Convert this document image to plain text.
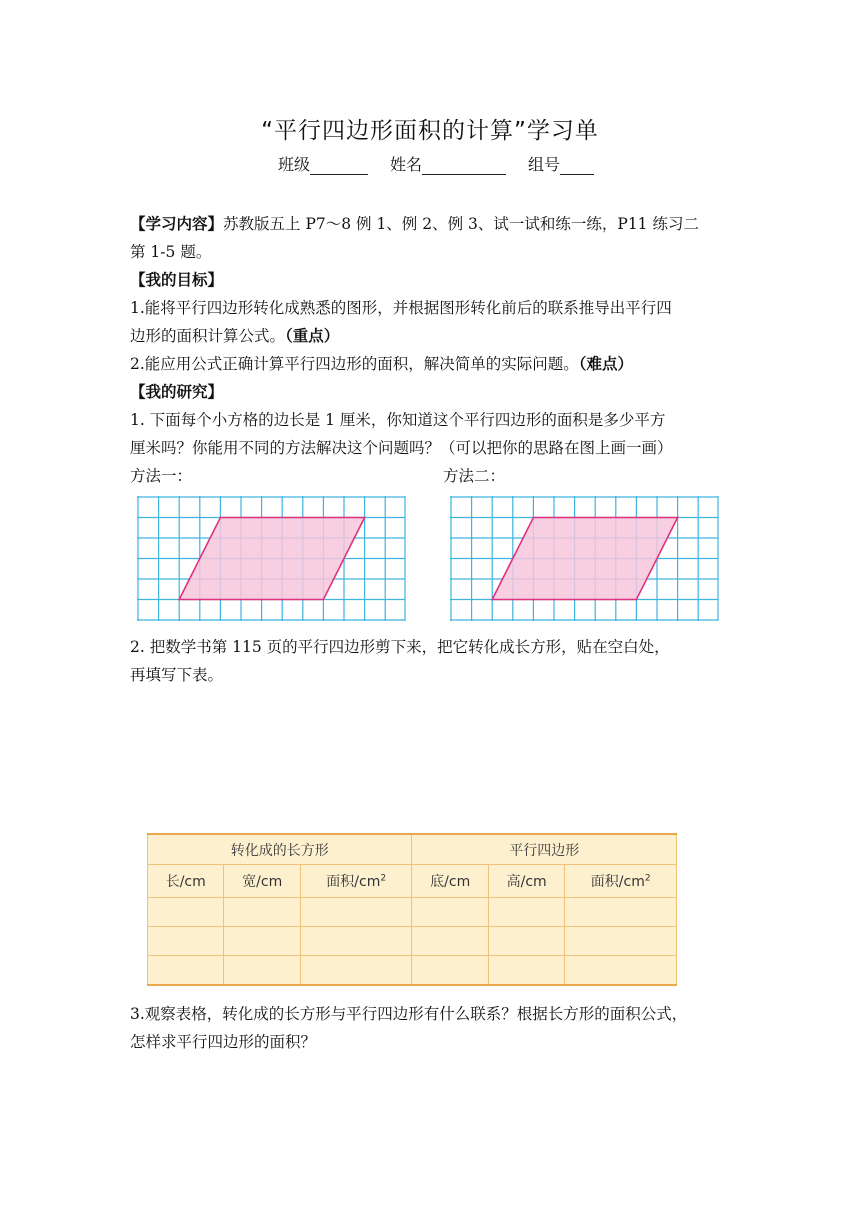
“平行四边形面积的计算”学习单
班级	姓名	组号
【学习内容】苏教版五上 P7～8 例 1、例 2、例 3、试一试和练一练，P11 练习二
第 1-5 题。
【我的目标】
1.能将平行四边形转化成熟悉的图形，并根据图形转化前后的联系推导出平行四
边形的面积计算公式。（重点）
2.能应用公式正确计算平行四边形的面积，解决简单的实际问题。（难点）
【我的研究】
1. 下面每个小方格的边长是 1 厘米，你知道这个平行四边形的面积是多少平方
厘米吗？你能用不同的方法解决这个问题吗？（可以把你的思路在图上画一画）
方法一：	方法二：
2. 把数学书第 115 页的平行四边形剪下来，把它转化成长方形，贴在空白处，
再填写下表。
转化成的长方形			平行四边形		
长/cm	宽/cm	面积$/cm^2$	底/cm	高/cm	面积$/cm^2$

3.观察表格，转化成的长方形与平行四边形有什么联系？根据长方形的面积公式，
怎样求平行四边形的面积？
